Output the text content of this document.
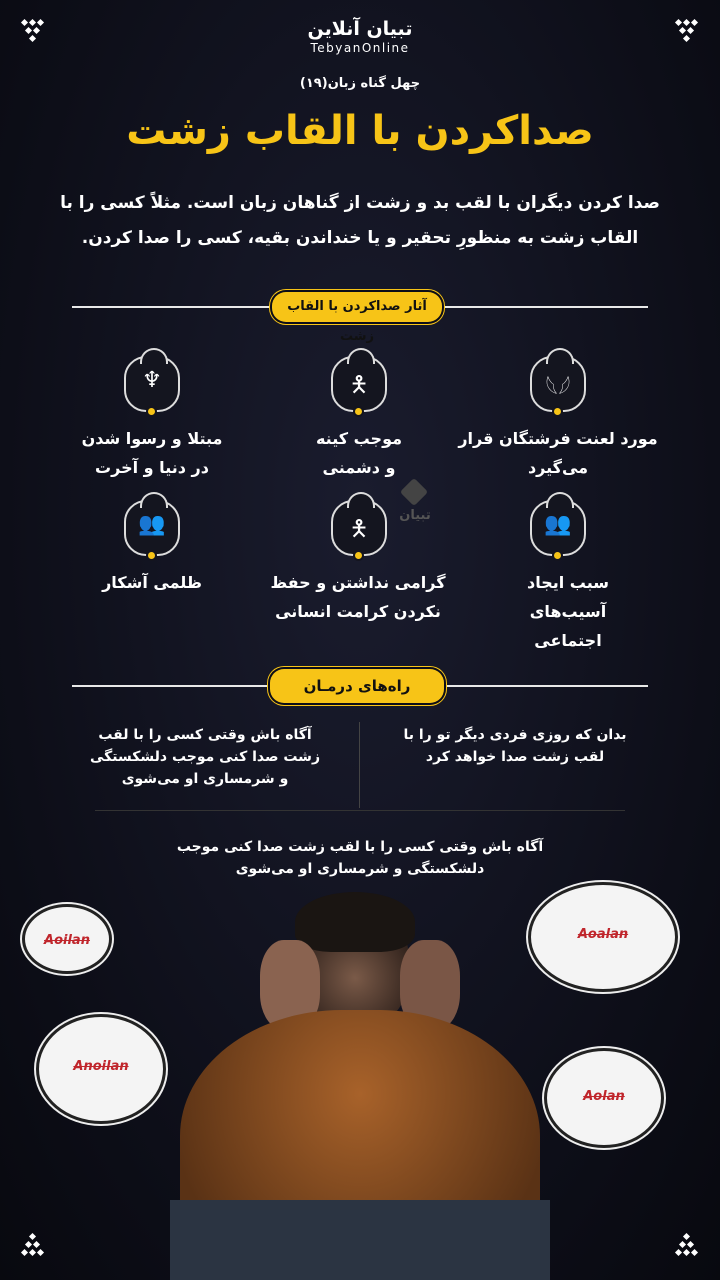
تبیان آنلاین
TebyanOnline
چهل گناه زبان(۱۹)
صداکردن با القاب زشت
صدا کردن دیگران با لقب بد و زشت از گناهان زبان است. مثلاً کسی را با القاب زشت به منظورِ تحقیر و یا خنداندن بقیه، کسی را صدا کردن.
آثار صداکردن با القاب زشت
تبیان
𓆩𓆪
🯅
♆
مورد لعنت فرشتگان قرار می‌گیرد
موجب کینه و دشمنی
مبتلا و رسوا شدن در دنیا و آخرت
👥
🯅
👥
سبب ایجاد آسیب‌های اجتماعی
گرامی نداشتن و حفظ نکردن کرامت انسانی
ظلمی آشکار
راه‌های درمـان
بدان که روزی فردی دیگر تو را با لقب زشت صدا خواهد کرد
آگاه باش وقتی کسی را با لقب زشت صدا کنی موجب دلشکستگی و شرمساری او می‌شوی
آگاه باش وقتی کسی را با لقب زشت صدا کنی موجب دلشکستگی و شرمساری او می‌شوی
Aoilan
Anoilan
Aoalan
Aolan
